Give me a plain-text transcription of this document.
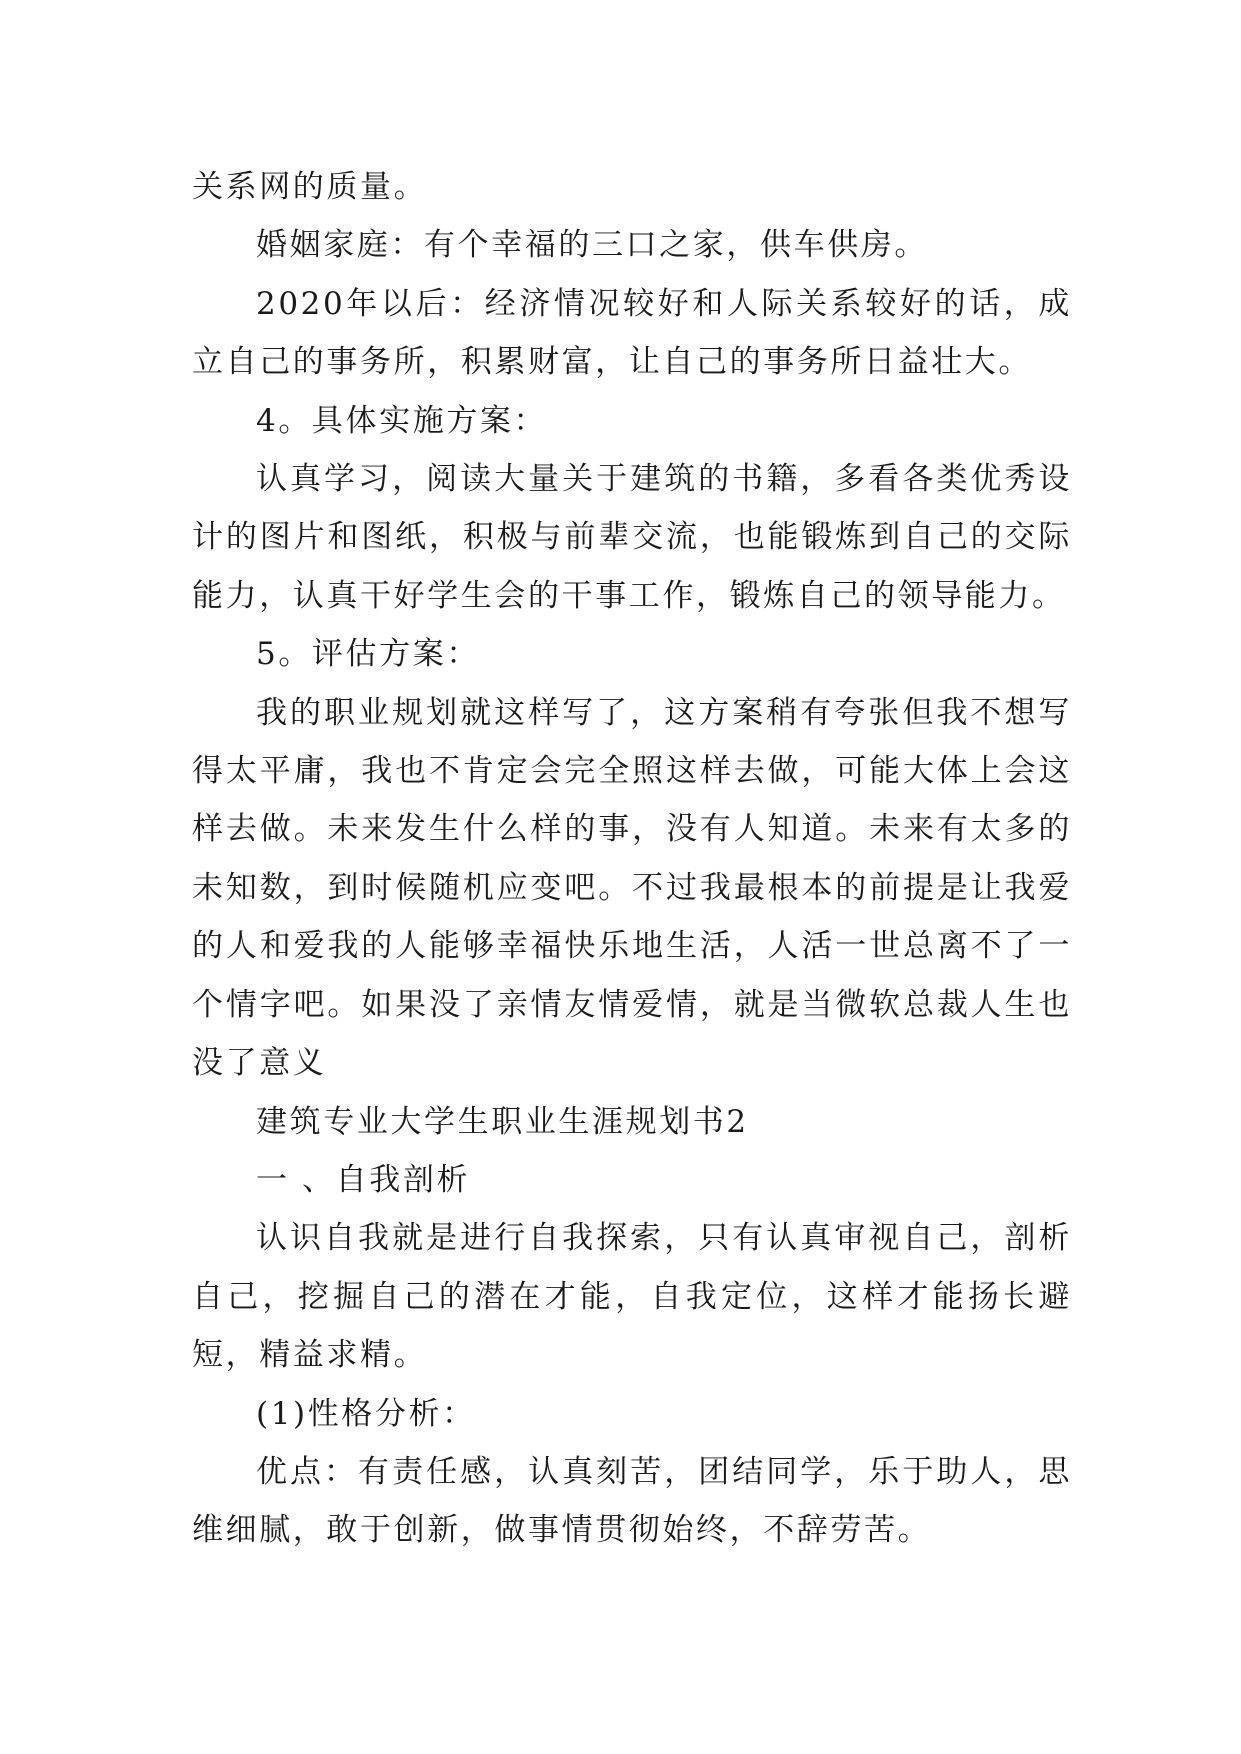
关系网的质量。

婚姻家庭：有个幸福的三口之家，供车供房。

2020年以后：经济情况较好和人际关系较好的话，成立自己的事务所，积累财富，让自己的事务所日益壮大。

4。具体实施方案：

认真学习，阅读大量关于建筑的书籍，多看各类优秀设计的图片和图纸，积极与前辈交流，也能锻炼到自己的交际能力，认真干好学生会的干事工作，锻炼自己的领导能力。

5。评估方案：

我的职业规划就这样写了，这方案稍有夸张但我不想写得太平庸，我也不肯定会完全照这样去做，可能大体上会这样去做。未来发生什么样的事，没有人知道。未来有太多的未知数，到时候随机应变吧。不过我最根本的前提是让我爱的人和爱我的人能够幸福快乐地生活，人活一世总离不了一个情字吧。如果没了亲情友情爱情，就是当微软总裁人生也没了意义

建筑专业大学生职业生涯规划书2

一 、自我剖析

认识自我就是进行自我探索，只有认真审视自己，剖析自己，挖掘自己的潜在才能，自我定位，这样才能扬长避短，精益求精。

(1)性格分析：

优点：有责任感，认真刻苦，团结同学，乐于助人，思维细腻，敢于创新，做事情贯彻始终，不辞劳苦。
